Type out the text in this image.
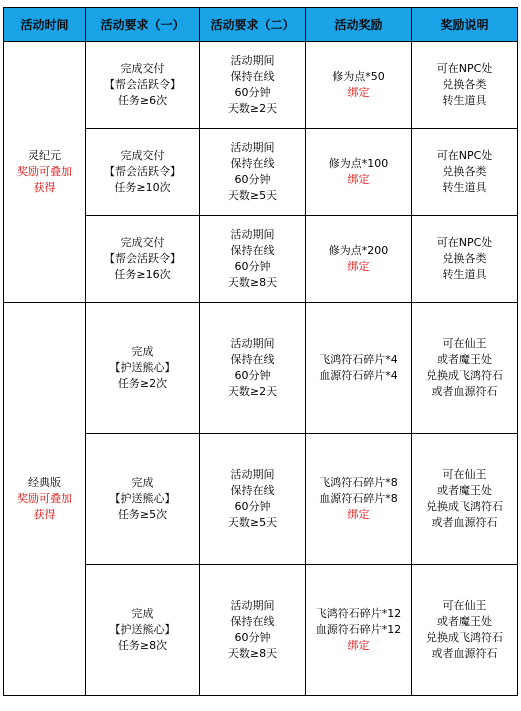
活动时间	活动要求（一）	活动要求（二）	活动奖励	奖励说明

灵纪元
奖励可叠加
获得	完成交付
【帮会活跃令】
任务≥6次	活动期间
保持在线
60分钟
天数≥2天	修为点*50
绑定	可在NPC处
兑换各类
转生道具

	完成交付
【帮会活跃令】
任务≥10次	活动期间
保持在线
60分钟
天数≥5天	修为点*100
绑定	可在NPC处
兑换各类
转生道具

	完成交付
【帮会活跃令】
任务≥16次	活动期间
保持在线
60分钟
天数≥8天	修为点*200
绑定	可在NPC处
兑换各类
转生道具

经典版
奖励可叠加
获得	完成
【护送熊心】
任务≥2次	活动期间
保持在线
60分钟
天数≥2天	飞鸿符石碎片*4
血源符石碎片*4	可在仙王
或者魔王处
兑换成飞鸿符石
或者血源符石

	完成
【护送熊心】
任务≥5次	活动期间
保持在线
60分钟
天数≥5天	飞鸿符石碎片*8
血源符石碎片*8
绑定	可在仙王
或者魔王处
兑换成飞鸿符石
或者血源符石

	完成
【护送熊心】
任务≥8次	活动期间
保持在线
60分钟
天数≥8天	飞鸿符石碎片*12
血源符石碎片*12
绑定	可在仙王
或者魔王处
兑换成飞鸿符石
或者血源符石
